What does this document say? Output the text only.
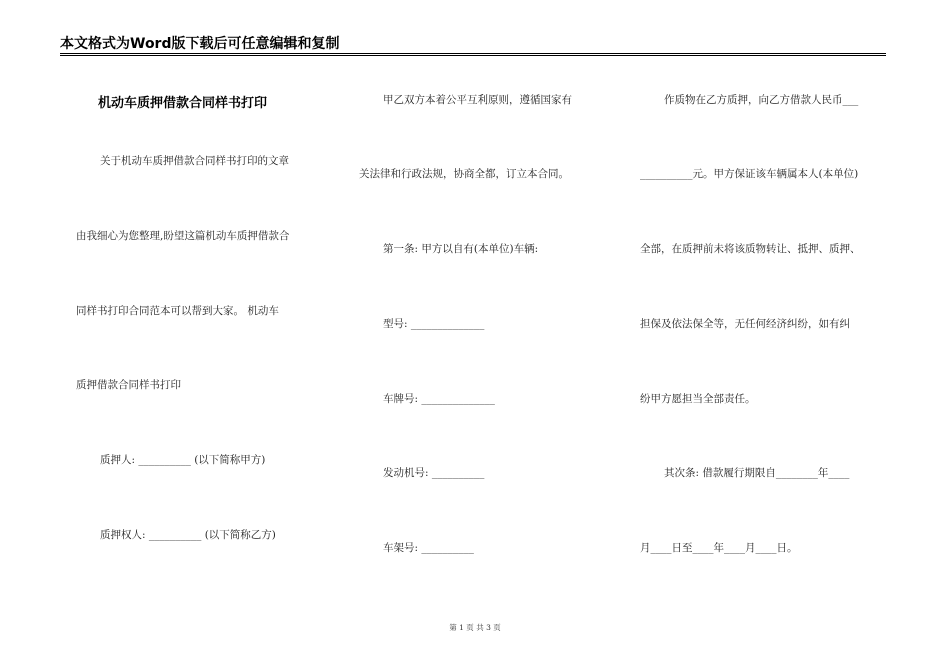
本文格式为Word版下载后可任意编辑和复制
机动车质押借款合同样书打印
关于机动车质押借款合同样书打印的文章
由我细心为您整理,盼望这篇机动车质押借款合
同样书打印合同范本可以帮到大家。 机动车
质押借款合同样书打印
质押人: __________ (以下简称甲方)
质押权人: __________ (以下简称乙方)
甲乙双方本着公平互利原则，遵循国家有
关法律和行政法规，协商全都，订立本合同。
第一条: 甲方以自有(本单位)车辆:
型号: ______________
车牌号: ______________
发动机号: __________
车架号: __________
作质物在乙方质押，向乙方借款人民币___
__________元。甲方保证该车辆属本人(本单位)
全部，在质押前未将该质物转让、抵押、质押、
担保及依法保全等，无任何经济纠纷，如有纠
纷甲方愿担当全部责任。
其次条: 借款履行期限自________年____
月____日至____年____月____日。
第 1 页 共 3 页
